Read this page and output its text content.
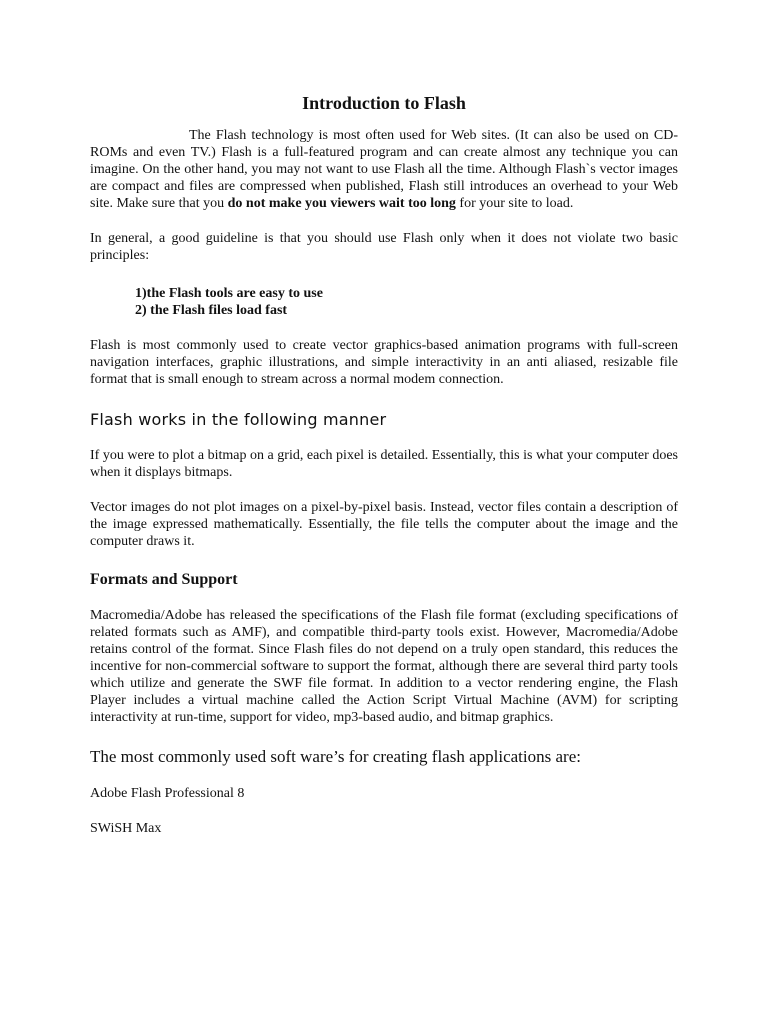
Introduction to Flash

The Flash technology is most often used for Web sites. (It can also be used on CD-ROMs and even TV.) Flash is a full-featured program and can create almost any technique you can imagine. On the other hand, you may not want to use Flash all the time. Although Flash`s vector images are compact and files are compressed when published, Flash still introduces an overhead to your Web site. Make sure that you do not make you viewers wait too long for your site to load.

In general, a good guideline is that you should use Flash only when it does not violate two basic principles:

1)the Flash tools are easy to use
2) the Flash files load fast

Flash is most commonly used to create vector graphics-based animation programs with full-screen navigation interfaces, graphic illustrations, and simple interactivity in an anti aliased, resizable file format that is small enough to stream across a normal modem connection.

Flash works in the following manner

If you were to plot a bitmap on a grid, each pixel is detailed. Essentially, this is what your computer does when it displays bitmaps.

Vector images do not plot images on a pixel-by-pixel basis. Instead, vector files contain a description of the image expressed mathematically. Essentially, the file tells the computer about the image and the computer draws it.

Formats and Support

Macromedia/Adobe has released the specifications of the Flash file format (excluding specifications of related formats such as AMF), and compatible third-party tools exist. However, Macromedia/Adobe retains control of the format. Since Flash files do not depend on a truly open standard, this reduces the incentive for non-commercial software to support the format, although there are several third party tools which utilize and generate the SWF file format. In addition to a vector rendering engine, the Flash Player includes a virtual machine called the Action Script Virtual Machine (AVM) for scripting interactivity at run-time, support for video, mp3-based audio, and bitmap graphics.

The most commonly used soft ware’s for creating flash applications are:

Adobe Flash Professional 8

SWiSH Max
